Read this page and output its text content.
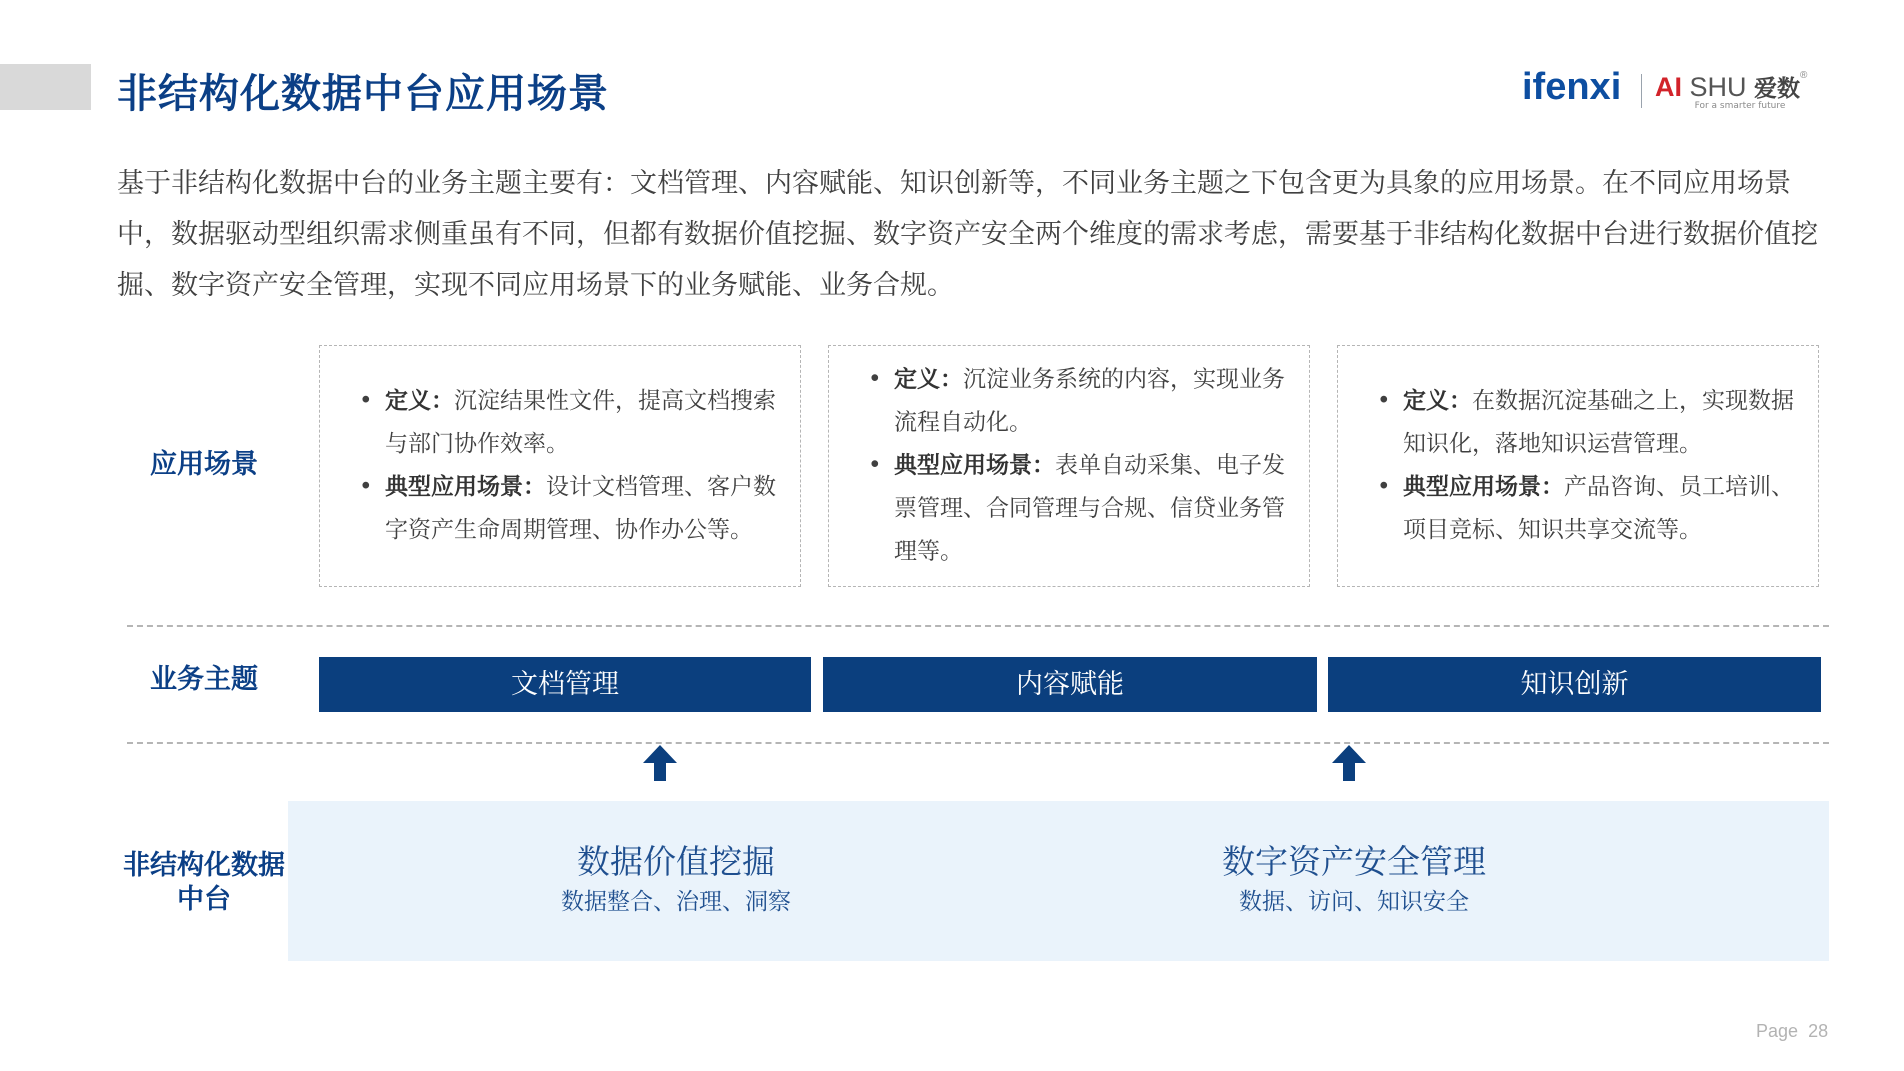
非结构化数据中台应用场景	ifenxi AI SHU 爱数®
For a smarter future
基于非结构化数据中台的业务主题主要有：文档管理、内容赋能、知识创新等，不同业务主题之下包含更为具象的应用场景。在不同应用场景中，数据驱动型组织需求侧重虽有不同，但都有数据价值挖掘、数字资产安全两个维度的需求考虑，需要基于非结构化数据中台进行数据价值挖掘、数字资产安全管理，实现不同应用场景下的业务赋能、业务合规。
应用场景
业务主题
非结构化数据中台
• 定义：沉淀结果性文件，提高文档搜索与部门协作效率。
• 典型应用场景：设计文档管理、客户数字资产生命周期管理、协作办公等。
• 定义：沉淀业务系统的内容，实现业务流程自动化。
• 典型应用场景：表单自动采集、电子发票管理、合同管理与合规、信贷业务管理等。
• 定义：在数据沉淀基础之上，实现数据知识化，落地知识运营管理。
• 典型应用场景：产品咨询、员工培训、项目竞标、知识共享交流等。
文档管理	内容赋能	知识创新
数据价值挖掘
数据整合、治理、洞察
数字资产安全管理
数据、访问、知识安全
Page 28
